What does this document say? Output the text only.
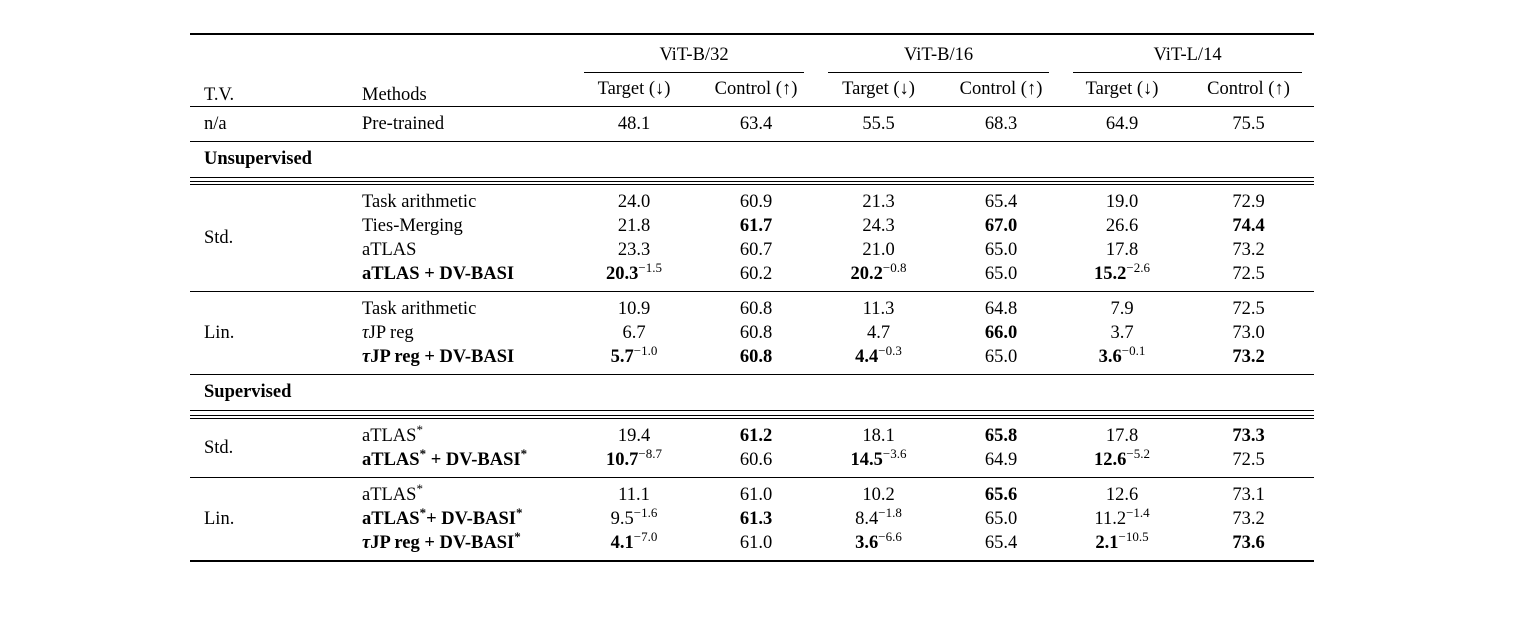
T.V.	Methods	ViT-B/32		ViT-B/16		ViT-L/14	

		Target (↓)	Control (↑)	Target (↓)	Control (↑)	Target (↓)	Control (↑)
n/a	Pre-trained	48.1	63.4	55.5	68.3	64.9	75.5
Unsupervised							

Std.	Task arithmetic	24.0	60.9	21.3	65.4	19.0	72.9
	Ties-Merging	21.8	61.7	24.3	67.0	26.6	74.4
	aTLAS	23.3	60.7	21.0	65.0	17.8	73.2
	aTLAS + DV-BASI	$20.3^{-1.5}$	60.2	$20.2^{-0.8}$	65.0	$15.2^{-2.6}$	72.5
Lin.	Task arithmetic	10.9	60.8	11.3	64.8	7.9	72.5
	τJP reg	6.7	60.8	4.7	66.0	3.7	73.0
	τJP reg + DV-BASI	$5.7^{-1.0}$	60.8	$4.4^{-0.3}$	65.0	$3.6^{-0.1}$	73.2
Supervised							

Std.	aTLAS*	19.4	61.2	18.1	65.8	17.8	73.3
	aTLAS* + DV-BASI*	$10.7^{-8.7}$	60.6	$14.5^{-3.6}$	64.9	$12.6^{-5.2}$	72.5
Lin.	aTLAS*	11.1	61.0	10.2	65.6	12.6	73.1
	aTLAS*+ DV-BASI*	$9.5^{-1.6}$	61.3	$8.4^{-1.8}$	65.0	$11.2^{-1.4}$	73.2
	τJP reg + DV-BASI*	$4.1^{-7.0}$	61.0	$3.6^{-6.6}$	65.4	$2.1^{-10.5}$	73.6
